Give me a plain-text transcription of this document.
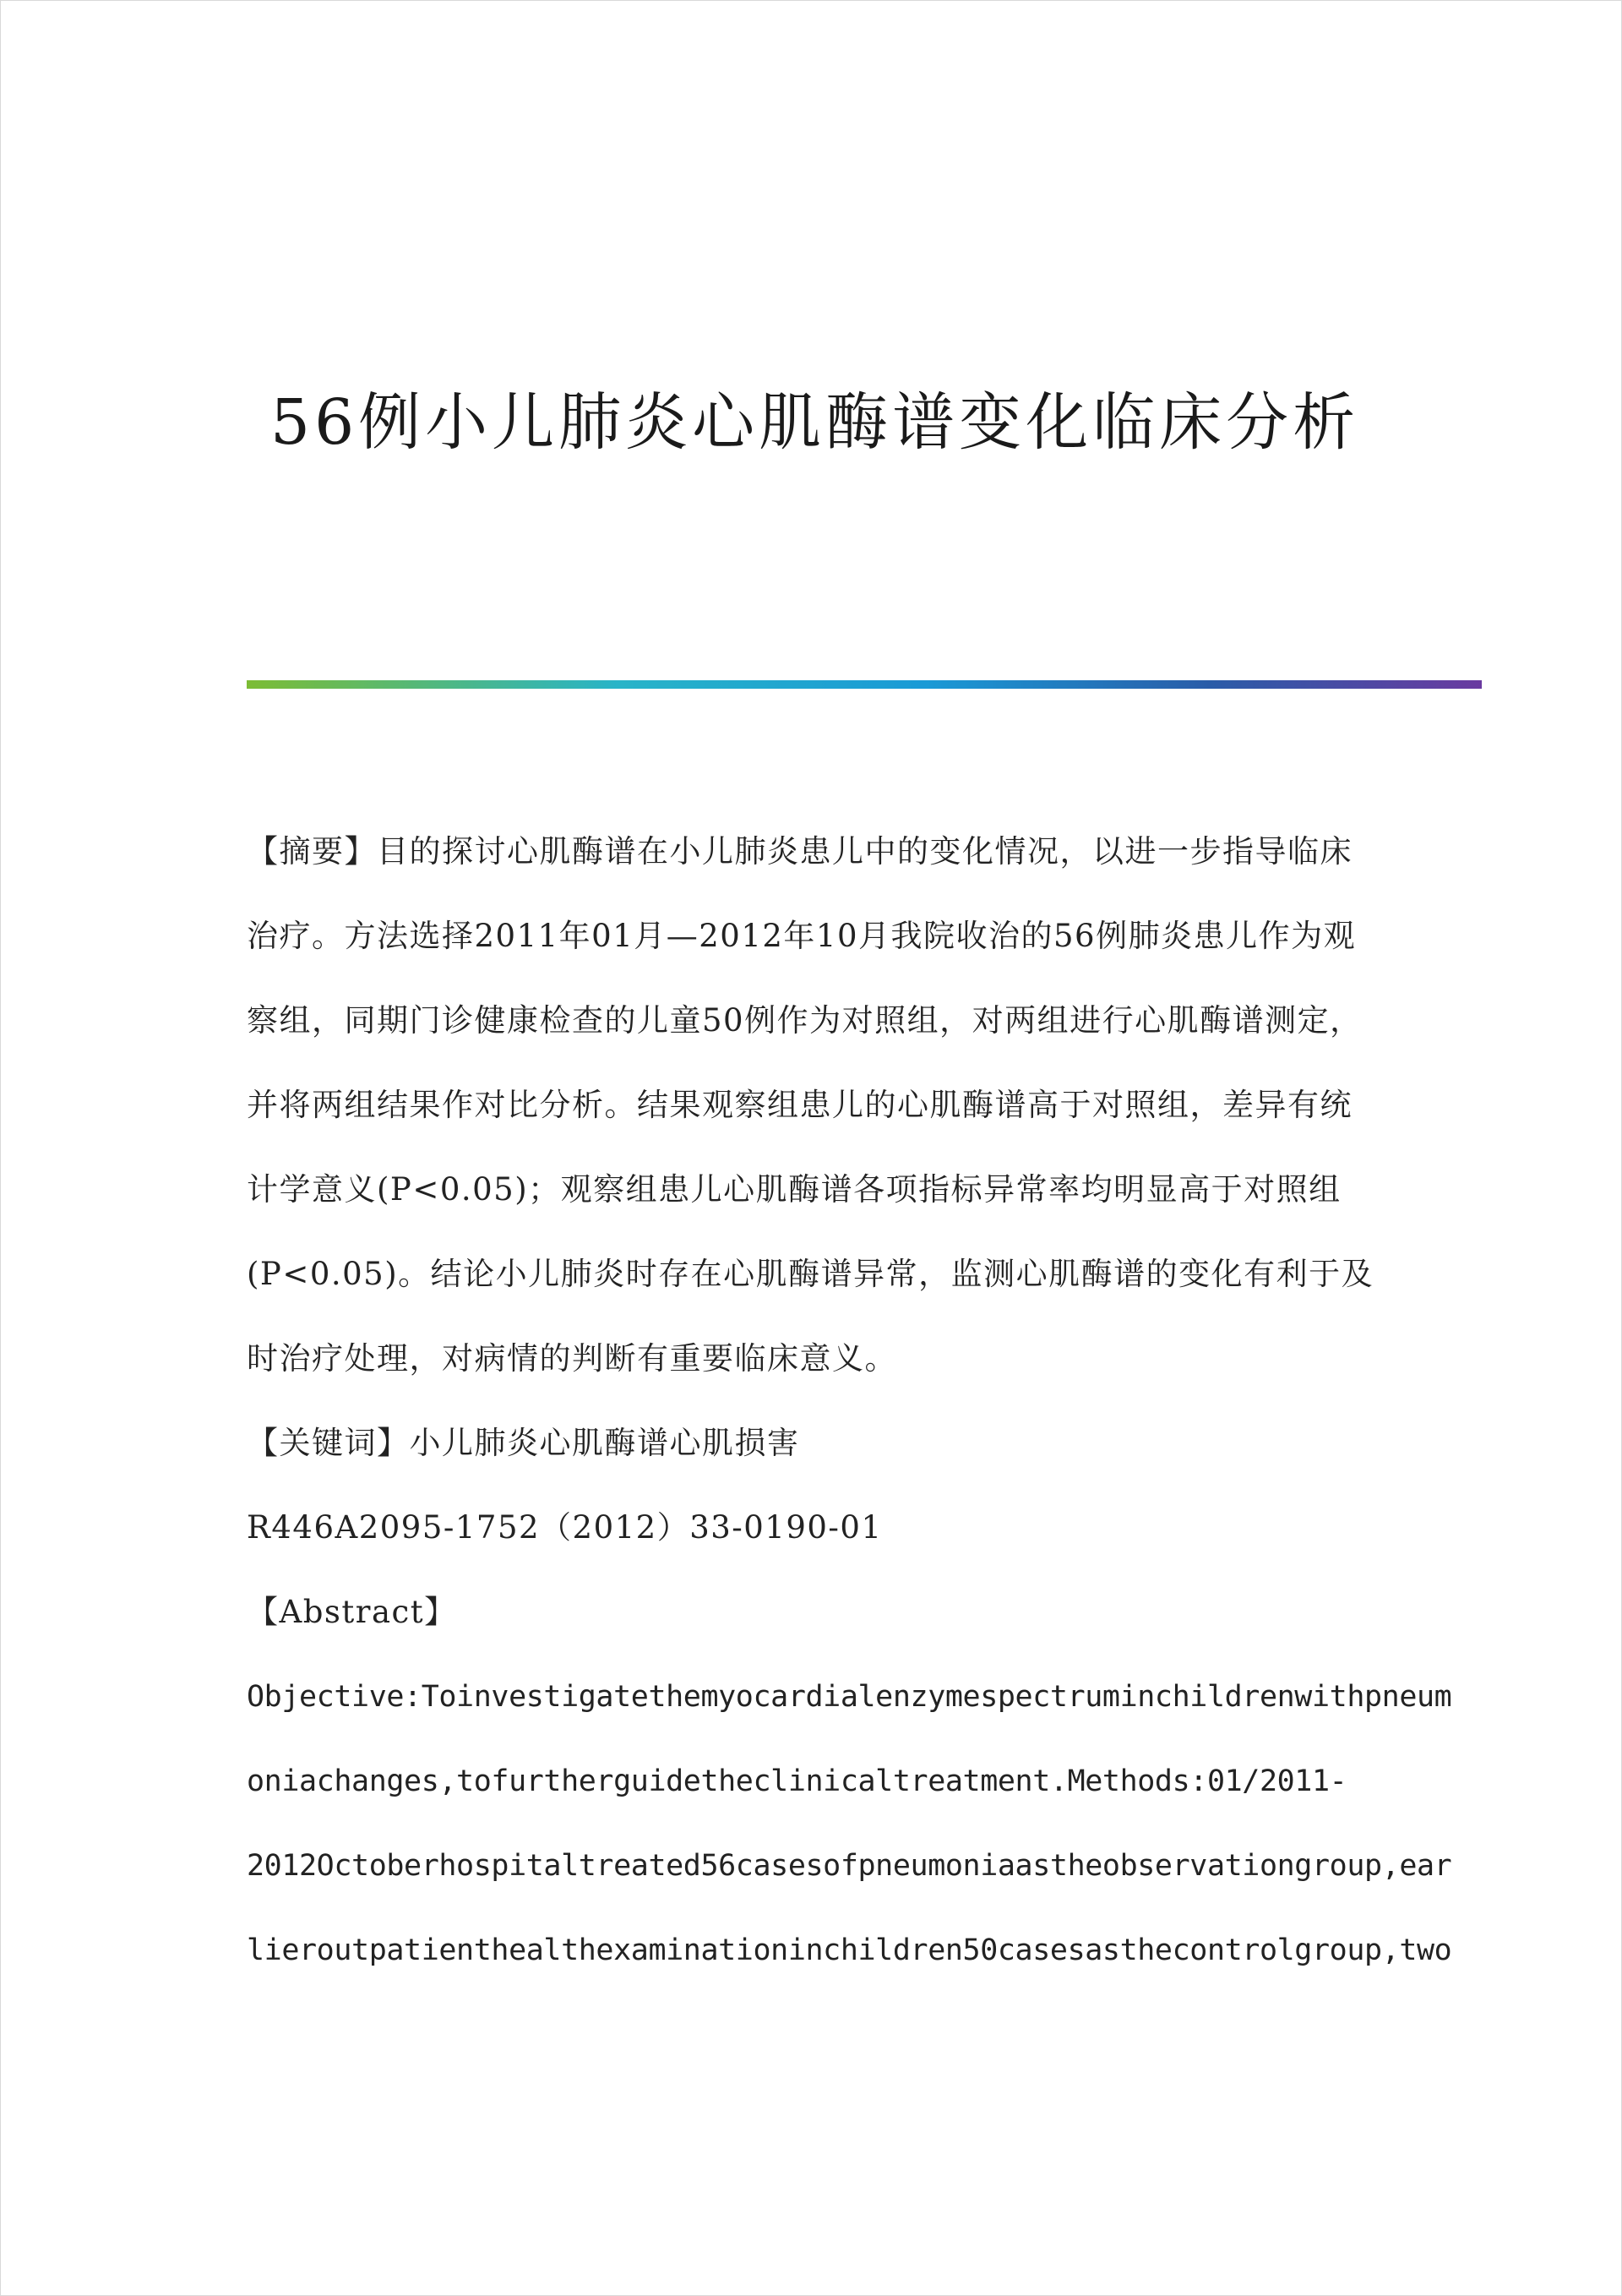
56例小儿肺炎心肌酶谱变化临床分析

【摘要】目的探讨心肌酶谱在小儿肺炎患儿中的变化情况，以进一步指导临床
治疗。方法选择2011年01月—2012年10月我院收治的56例肺炎患儿作为观
察组，同期门诊健康检查的儿童50例作为对照组，对两组进行心肌酶谱测定，
并将两组结果作对比分析。结果观察组患儿的心肌酶谱高于对照组，差异有统
计学意义(P<0.05)；观察组患儿心肌酶谱各项指标异常率均明显高于对照组
(P<0.05)。结论小儿肺炎时存在心肌酶谱异常，监测心肌酶谱的变化有利于及
时治疗处理，对病情的判断有重要临床意义。

【关键词】小儿肺炎心肌酶谱心肌损害

R446A2095-1752（2012）33-0190-01

【Abstract】

Objective:Toinvestigatethemyocardialenzymespectruminchildrenwithpneum
oniachanges,tofurtherguidetheclinicaltreatment.Methods:01/2011-
2012Octoberhospitaltreated56casesofpneumoniaastheobservationgroup,ear
lieroutpatienthealthexaminationinchildren50casesasthecontrolgroup,two
